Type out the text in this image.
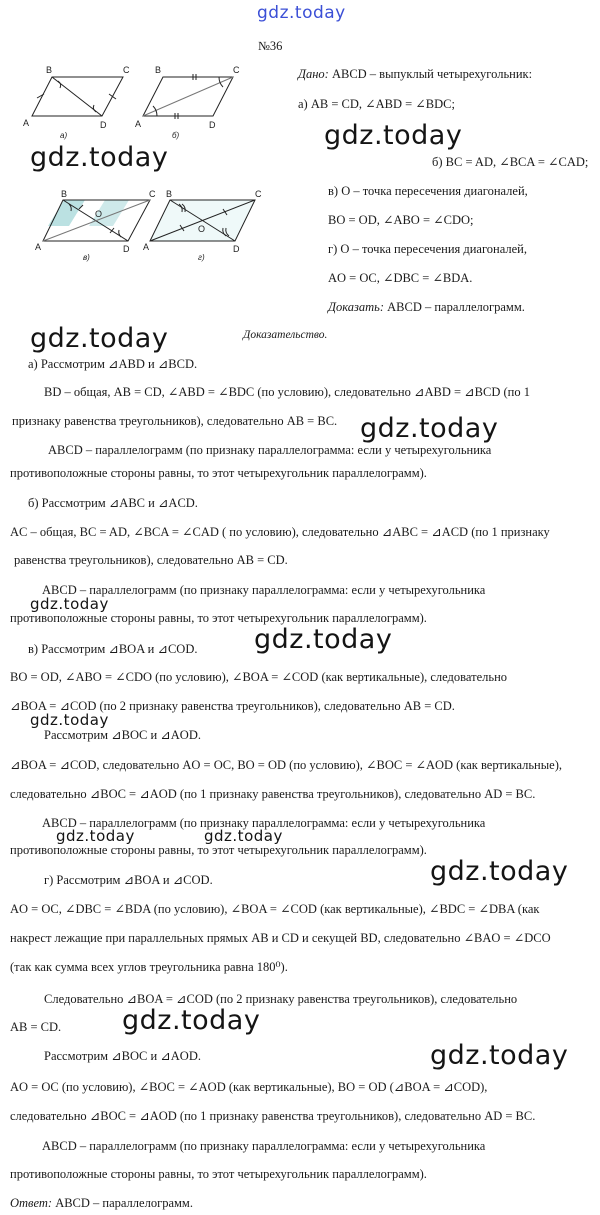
gdz.today
№36
A
B	C
D
а)
A
B	C
D
б)
A
B	C
D
O
в)
A
B	C
D
O
г)
Дано: ABCD – выпуклый четырехугольник:
а) AB = CD, ∠ABD = ∠BDC;
б) BC = AD, ∠BCA = ∠CAD;
в) O – точка пересечения диагоналей,
BO = OD, ∠ABO = ∠CDO;
г) O – точка пересечения диагоналей,
AO = OC, ∠DBC = ∠BDA.
Доказать: ABCD – параллелограмм.
Доказательство.
а) Рассмотрим ⊿ABD и ⊿BCD.
BD – общая, AB = CD, ∠ABD = ∠BDC (по условию), следовательно ⊿ABD = ⊿BCD (по 1
признаку равенства треугольников), следовательно AB = BC.
ABCD – параллелограмм (по признаку параллелограмма: если у четырехугольника
противоположные стороны равны, то этот четырехугольник параллелограмм).
б) Рассмотрим ⊿ABC и ⊿ACD.
AC – общая, BC = AD, ∠BCA = ∠CAD ( по условию), следовательно ⊿ABC = ⊿ACD (по 1 признаку
равенства треугольников), следовательно AB = CD.
ABCD – параллелограмм (по признаку параллелограмма: если у четырехугольника
противоположные стороны равны, то этот четырехугольник параллелограмм).
в) Рассмотрим ⊿BOA и ⊿COD.
BO = OD, ∠ABO = ∠CDO (по условию), ∠BOA = ∠COD (как вертикальные), следовательно
⊿BOA = ⊿COD (по 2 признаку равенства треугольников), следовательно AB = CD.
Рассмотрим ⊿BOC и ⊿AOD.
⊿BOA = ⊿COD, следовательно AO = OC, BO = OD (по условию), ∠BOC = ∠AOD (как вертикальные),
следовательно ⊿BOC = ⊿AOD (по 1 признаку равенства треугольников), следовательно AD = BC.
ABCD – параллелограмм (по признаку параллелограмма: если у четырехугольника
противоположные стороны равны, то этот четырехугольник параллелограмм).
г) Рассмотрим ⊿BOA и ⊿COD.
AO = OC, ∠DBC = ∠BDA (по условию), ∠BOA = ∠COD (как вертикальные), ∠BDC = ∠DBA (как
накрест лежащие при параллельных прямых AB и CD и секущей BD, следовательно ∠BAO = ∠DCO
(так как сумма всех углов треугольника равна 180⁰).
Следовательно ⊿BOA = ⊿COD (по 2 признаку равенства треугольников), следовательно
AB = CD.
Рассмотрим ⊿BOC и ⊿AOD.
AO = OC (по условию), ∠BOC = ∠AOD (как вертикальные), BO = OD (⊿BOA = ⊿COD),
следовательно ⊿BOC = ⊿AOD (по 1 признаку равенства треугольников), следовательно AD = BC.
ABCD – параллелограмм (по признаку параллелограмма: если у четырехугольника
противоположные стороны равны, то этот четырехугольник параллелограмм).
Ответ: ABCD – параллелограмм.
gdz.today
gdz.today
gdz.today
gdz.today
gdz.today
gdz.today
gdz.today
gdz.today
gdz.today
gdz.today
gdz.today	gdz.today
